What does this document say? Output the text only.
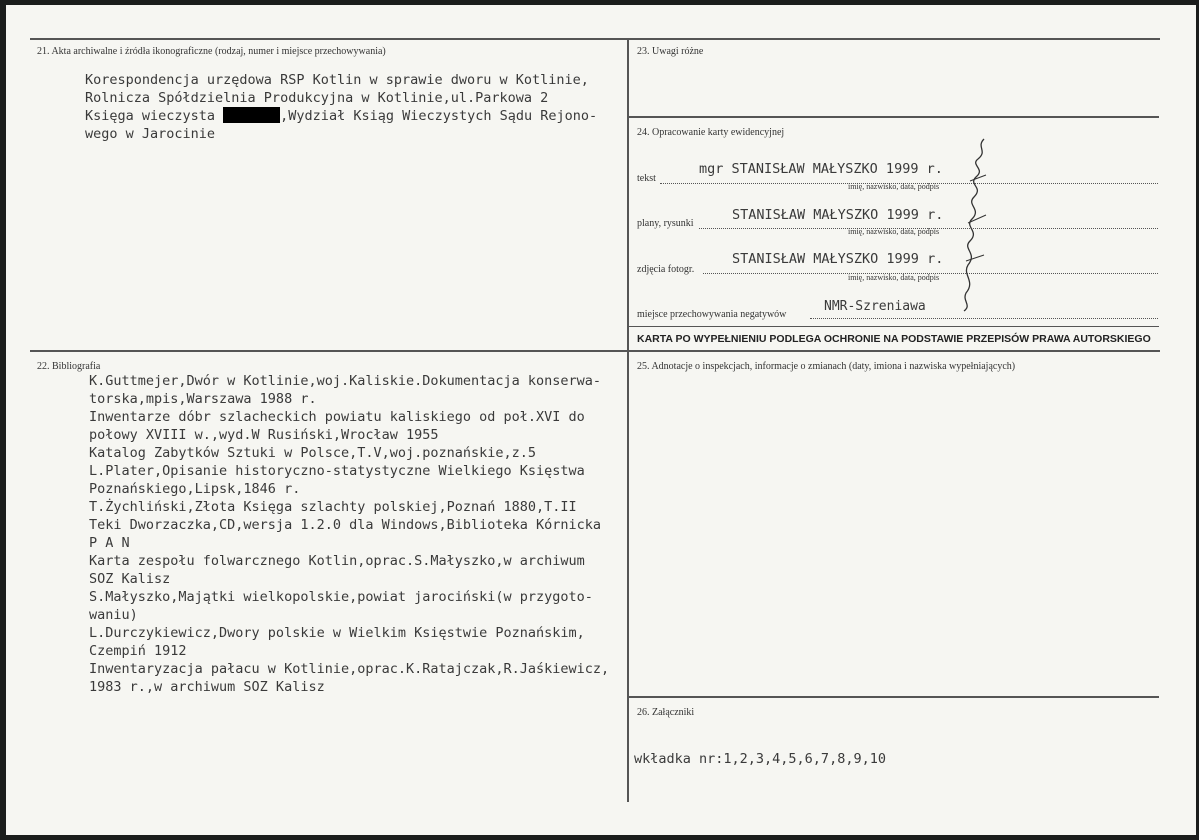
21. Akta archiwalne i źródła ikonograficzne (rodzaj, numer i miejsce przechowywania)
Korespondencja urzędowa RSP Kotlin w sprawie dworu w Kotlinie,
Rolnicza Spółdzielnia Produkcyjna w Kotlinie,ul.Parkowa 2
Księga wieczysta	,Wydział Ksiąg Wieczystych Sądu Rejono-
wego w Jarocinie
23. Uwagi różne
24. Opracowanie karty ewidencyjnej
tekst
mgr STANISŁAW MAŁYSZKO 1999 r.
imię, nazwisko, data, podpis
plany, rysunki
STANISŁAW MAŁYSZKO 1999 r.
imię, nazwisko, data, podpis
zdjęcia fotogr.
STANISŁAW MAŁYSZKO 1999 r.
imię, nazwisko, data, podpis
miejsce przechowywania negatywów
NMR-Szreniawa
KARTA PO WYPEŁNIENIU PODLEGA OCHRONIE NA PODSTAWIE PRZEPISÓW PRAWA AUTORSKIEGO
22. Bibliografia
K.Guttmejer,Dwór w Kotlinie,woj.Kaliskie.Dokumentacja konserwa-
torska,mpis,Warszawa 1988 r.
Inwentarze dóbr szlacheckich powiatu kaliskiego od poł.XVI do
połowy XVIII w.,wyd.W Rusiński,Wrocław 1955
Katalog Zabytków Sztuki w Polsce,T.V,woj.poznańskie,z.5
L.Plater,Opisanie historyczno-statystyczne Wielkiego Księstwa
Poznańskiego,Lipsk,1846 r.
T.Żychliński,Złota Księga szlachty polskiej,Poznań 1880,T.II
Teki Dworzaczka,CD,wersja 1.2.0 dla Windows,Biblioteka Kórnicka
P A N
Karta zespołu folwarcznego Kotlin,oprac.S.Małyszko,w archiwum
SOZ Kalisz
S.Małyszko,Majątki wielkopolskie,powiat jarociński(w przygoto-
waniu)
L.Durczykiewicz,Dwory polskie w Wielkim Księstwie Poznańskim,
Czempiń 1912
Inwentaryzacja pałacu w Kotlinie,oprac.K.Ratajczak,R.Jaśkiewicz,
1983 r.,w archiwum SOZ Kalisz
25. Adnotacje o inspekcjach, informacje o zmianach (daty, imiona i nazwiska wypełniających)
26. Załączniki
wkładka nr:1,2,3,4,5,6,7,8,9,10
